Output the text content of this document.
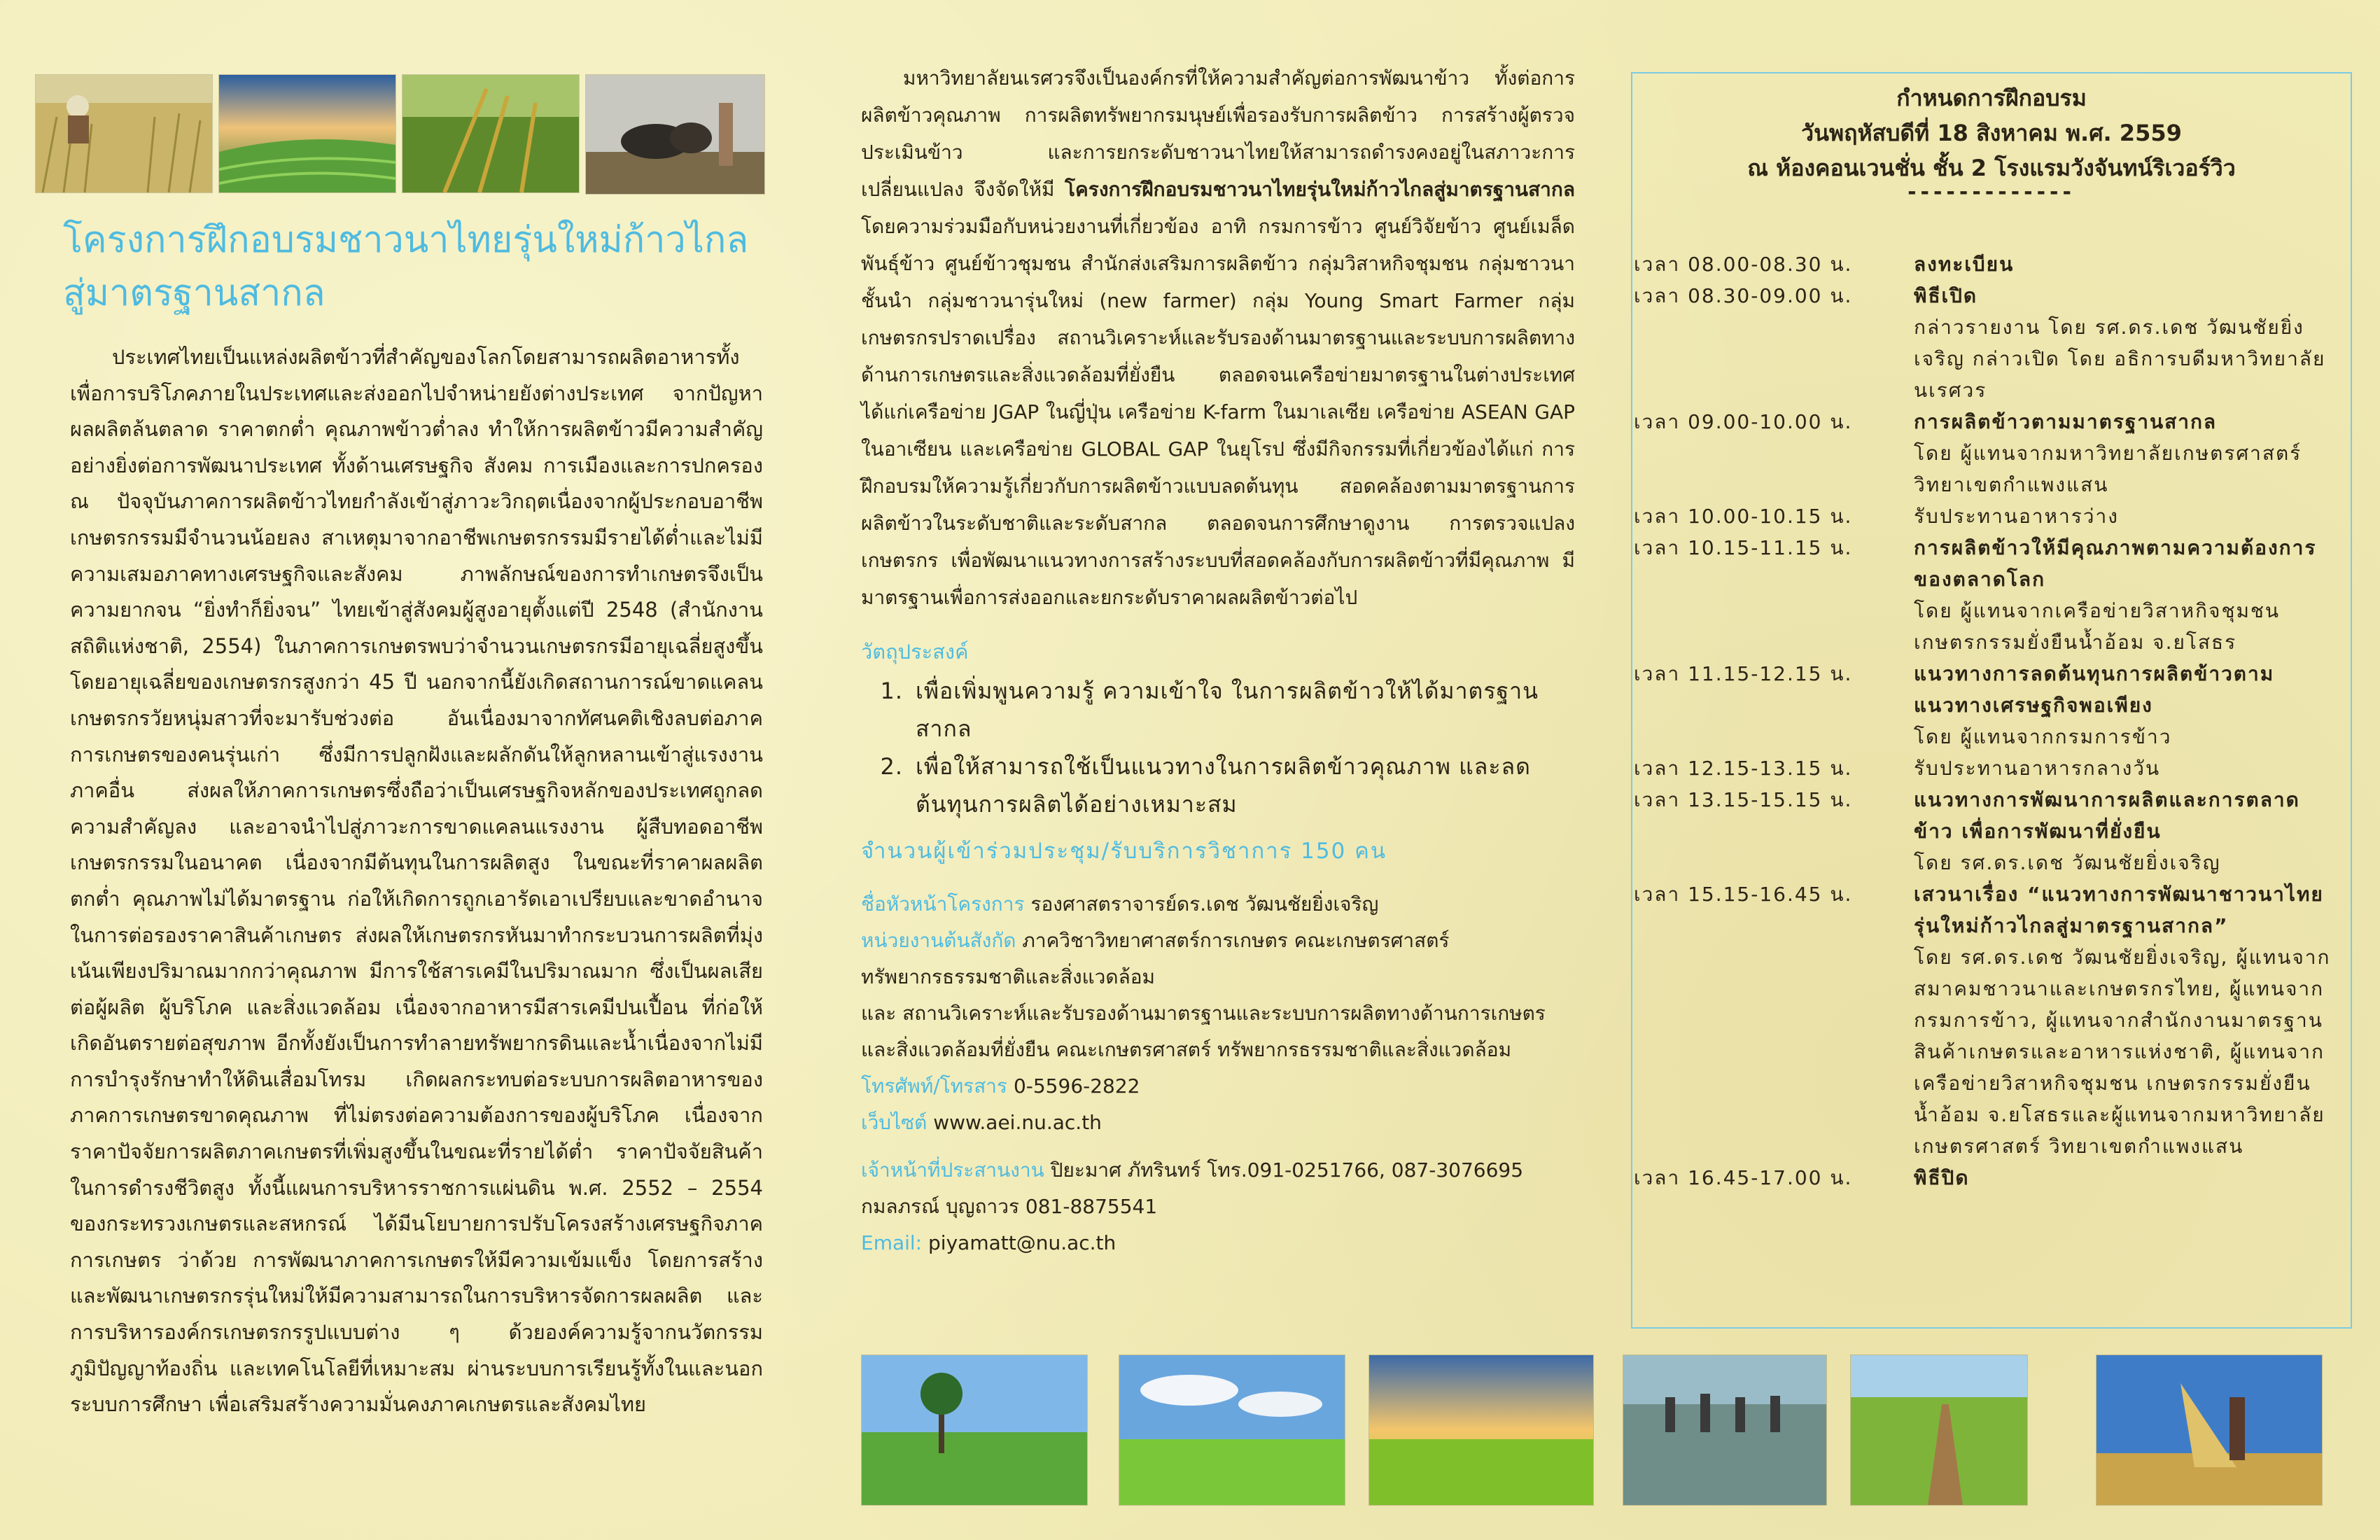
โครงการฝึกอบรมชาวนาไทยรุ่นใหม่ก้าวไกล
สู่มาตรฐานสากล
ประเทศไทยเป็นแหล่งผลิตข้าวที่สำคัญของโลกโดยสามารถผลิตอาหารทั้งเพื่อการบริโภคภายในประเทศและส่งออกไปจำหน่ายยังต่างประเทศ จากปัญหาผลผลิตล้นตลาด ราคาตกต่ำ คุณภาพข้าวต่ำลง ทำให้การผลิตข้าวมีความสำคัญอย่างยิ่งต่อการพัฒนาประเทศ ทั้งด้านเศรษฐกิจ สังคม การเมืองและการปกครอง ณ ปัจจุบันภาคการผลิตข้าวไทยกำลังเข้าสู่ภาวะวิกฤตเนื่องจากผู้ประกอบอาชีพเกษตรกรรมมีจำนวนน้อยลง สาเหตุมาจากอาชีพเกษตรกรรมมีรายได้ต่ำและไม่มีความเสมอภาคทางเศรษฐกิจและสังคม ภาพลักษณ์ของการทำเกษตรจึงเป็น ความยากจน “ยิ่งทำก็ยิ่งจน” ไทยเข้าสู่สังคมผู้สูงอายุตั้งแต่ปี 2548 (สำนักงานสถิติแห่งชาติ, 2554) ในภาคการเกษตรพบว่าจำนวนเกษตรกรมีอายุเฉลี่ยสูงขึ้น โดยอายุเฉลี่ยของเกษตรกรสูงกว่า 45 ปี นอกจากนี้ยังเกิดสถานการณ์ขาดแคลนเกษตรกรวัยหนุ่มสาวที่จะมารับช่วงต่อ อันเนื่องมาจากทัศนคติเชิงลบต่อภาคการเกษตรของคนรุ่นเก่า ซึ่งมีการปลูกฝังและผลักดันให้ลูกหลานเข้าสู่แรงงานภาคอื่น ส่งผลให้ภาคการเกษตรซึ่งถือว่าเป็นเศรษฐกิจหลักของประเทศถูกลดความสำคัญลง และอาจนำไปสู่ภาวะการขาดแคลนแรงงาน ผู้สืบทอดอาชีพเกษตรกรรมในอนาคต เนื่องจากมีต้นทุนในการผลิตสูง ในขณะที่ราคาผลผลิตตกต่ำ คุณภาพไม่ได้มาตรฐาน ก่อให้เกิดการถูกเอารัดเอาเปรียบและขาดอำนาจในการต่อรองราคาสินค้าเกษตร ส่งผลให้เกษตรกรหันมาทำกระบวนการผลิตที่มุ่งเน้นเพียงปริมาณมากกว่าคุณภาพ มีการใช้สารเคมีในปริมาณมาก ซึ่งเป็นผลเสียต่อผู้ผลิต ผู้บริโภค และสิ่งแวดล้อม เนื่องจากอาหารมีสารเคมีปนเปื้อน ที่ก่อให้เกิดอันตรายต่อสุขภาพ อีกทั้งยังเป็นการทำลายทรัพยากรดินและน้ำเนื่องจากไม่มีการบำรุงรักษาทำให้ดินเสื่อมโทรม เกิดผลกระทบต่อระบบการผลิตอาหารของภาคการเกษตรขาดคุณภาพ ที่ไม่ตรงต่อความต้องการของผู้บริโภค เนื่องจากราคาปัจจัยการผลิตภาคเกษตรที่เพิ่มสูงขึ้นในขณะที่รายได้ต่ำ ราคาปัจจัยสินค้าในการดำรงชีวิตสูง ทั้งนี้แผนการบริหารราชการแผ่นดิน พ.ศ. 2552 – 2554 ของกระทรวงเกษตรและสหกรณ์ ได้มีนโยบายการปรับโครงสร้างเศรษฐกิจภาคการเกษตร ว่าด้วย การพัฒนาภาคการเกษตรให้มีความเข้มแข็ง โดยการสร้างและพัฒนาเกษตรกรรุ่นใหม่ให้มีความสามารถในการบริหารจัดการผลผลิต และการบริหารองค์กรเกษตรกรรูปแบบต่าง ๆ ด้วยองค์ความรู้จากนวัตกรรม ภูมิปัญญาท้องถิ่น และเทคโนโลยีที่เหมาะสม ผ่านระบบการเรียนรู้ทั้งในและนอกระบบการศึกษา เพื่อเสริมสร้างความมั่นคงภาคเกษตรและสังคมไทย

มหาวิทยาลัยนเรศวรจึงเป็นองค์กรที่ให้ความสำคัญต่อการพัฒนาข้าว ทั้งต่อการผลิตข้าวคุณภาพ การผลิตทรัพยากรมนุษย์เพื่อรองรับการผลิตข้าว การสร้างผู้ตรวจประเมินข้าว และการยกระดับชาวนาไทยให้สามารถดำรงคงอยู่ในสภาวะการเปลี่ยนแปลง จึงจัดให้มี โครงการฝึกอบรมชาวนาไทยรุ่นใหม่ก้าวไกลสู่มาตรฐานสากล โดยความร่วมมือกับหน่วยงานที่เกี่ยวข้อง อาทิ กรมการข้าว ศูนย์วิจัยข้าว ศูนย์เมล็ดพันธุ์ข้าว ศูนย์ข้าวชุมชน สำนักส่งเสริมการผลิตข้าว กลุ่มวิสาหกิจชุมชน กลุ่มชาวนาชั้นนำ กลุ่มชาวนารุ่นใหม่ (new farmer) กลุ่ม Young Smart Farmer กลุ่มเกษตรกรปราดเปรื่อง สถานวิเคราะห์และรับรองด้านมาตรฐานและระบบการผลิตทางด้านการเกษตรและสิ่งแวดล้อมที่ยั่งยืน ตลอดจนเครือข่ายมาตรฐานในต่างประเทศ ได้แก่เครือข่าย JGAP ในญี่ปุ่น เครือข่าย K-farm ในมาเลเซีย เครือข่าย ASEAN GAP ในอาเซียน และเครือข่าย GLOBAL GAP ในยุโรป ซึ่งมีกิจกรรมที่เกี่ยวข้องได้แก่ การฝึกอบรมให้ความรู้เกี่ยวกับการผลิตข้าวแบบลดต้นทุน สอดคล้องตามมาตรฐานการผลิตข้าวในระดับชาติและระดับสากล ตลอดจนการศึกษาดูงาน การตรวจแปลงเกษตรกร เพื่อพัฒนาแนวทางการสร้างระบบที่สอดคล้องกับการผลิตข้าวที่มีคุณภาพ มีมาตรฐานเพื่อการส่งออกและยกระดับราคาผลผลิตข้าวต่อไป

วัตถุประสงค์
1. เพื่อเพิ่มพูนความรู้ ความเข้าใจ ในการผลิตข้าวให้ได้มาตรฐานสากล
2. เพื่อให้สามารถใช้เป็นแนวทางในการผลิตข้าวคุณภาพ และลดต้นทุนการผลิตได้อย่างเหมาะสม
จำนวนผู้เข้าร่วมประชุม/รับบริการวิชาการ 150 คน

ชื่อหัวหน้าโครงการ รองศาสตราจารย์ดร.เดช วัฒนชัยยิ่งเจริญ

หน่วยงานต้นสังกัด ภาควิชาวิทยาศาสตร์การเกษตร คณะเกษตรศาสตร์ ทรัพยากรธรรมชาติและสิ่งแวดล้อม

และ สถานวิเคราะห์และรับรองด้านมาตรฐานและระบบการผลิตทางด้านการเกษตรและสิ่งแวดล้อมที่ยั่งยืน คณะเกษตรศาสตร์ ทรัพยากรธรรมชาติและสิ่งแวดล้อม

โทรศัพท์/โทรสาร 0-5596-2822

เว็บไซต์ www.aei.nu.ac.th

เจ้าหน้าที่ประสานงาน ปิยะมาศ ภัทรินทร์ โทร.091-0251766, 087-3076695

กมลภรณ์ บุญถาวร 081-8875541

Email: piyamatt@nu.ac.th

กำหนดการฝึกอบรม
วันพฤหัสบดีที่ 18 สิงหาคม พ.ศ. 2559
ณ ห้องคอนเวนชั่น ชั้น 2 โรงแรมวังจันทน์ริเวอร์วิว
-------------
เวลา 08.00-08.30 น.	ลงทะเบียน
เวลา 08.30-09.00 น.	พิธีเปิด
กล่าวรายงาน โดย รศ.ดร.เดช วัฒนชัยยิ่งเจริญ กล่าวเปิด โดย อธิการบดีมหาวิทยาลัยนเรศวร
เวลา 09.00-10.00 น.	การผลิตข้าวตามมาตรฐานสากล
โดย ผู้แทนจากมหาวิทยาลัยเกษตรศาสตร์ วิทยาเขตกำแพงแสน
เวลา 10.00-10.15 น.	รับประทานอาหารว่าง
เวลา 10.15-11.15 น.	การผลิตข้าวให้มีคุณภาพตามความต้องการของตลาดโลก
โดย ผู้แทนจากเครือข่ายวิสาหกิจชุมชนเกษตรกรรมยั่งยืนน้ำอ้อม จ.ยโสธร
เวลา 11.15-12.15 น.	แนวทางการลดต้นทุนการผลิตข้าวตามแนวทางเศรษฐกิจพอเพียง
โดย ผู้แทนจากกรมการข้าว
เวลา 12.15-13.15 น.	รับประทานอาหารกลางวัน
เวลา 13.15-15.15 น.	แนวทางการพัฒนาการผลิตและการตลาดข้าว เพื่อการพัฒนาที่ยั่งยืน
โดย รศ.ดร.เดช วัฒนชัยยิ่งเจริญ
เวลา 15.15-16.45 น.	เสวนาเรื่อง “แนวทางการพัฒนาชาวนาไทยรุ่นใหม่ก้าวไกลสู่มาตรฐานสากล”
โดย รศ.ดร.เดช วัฒนชัยยิ่งเจริญ, ผู้แทนจากสมาคมชาวนาและเกษตรกรไทย, ผู้แทนจากกรมการข้าว, ผู้แทนจากสำนักงานมาตรฐานสินค้าเกษตรและอาหารแห่งชาติ, ผู้แทนจากเครือข่ายวิสาหกิจชุมชน เกษตรกรรมยั่งยืนน้ำอ้อม จ.ยโสธรและผู้แทนจากมหาวิทยาลัยเกษตรศาสตร์ วิทยาเขตกำแพงแสน
เวลา 16.45-17.00 น.	พิธีปิด
